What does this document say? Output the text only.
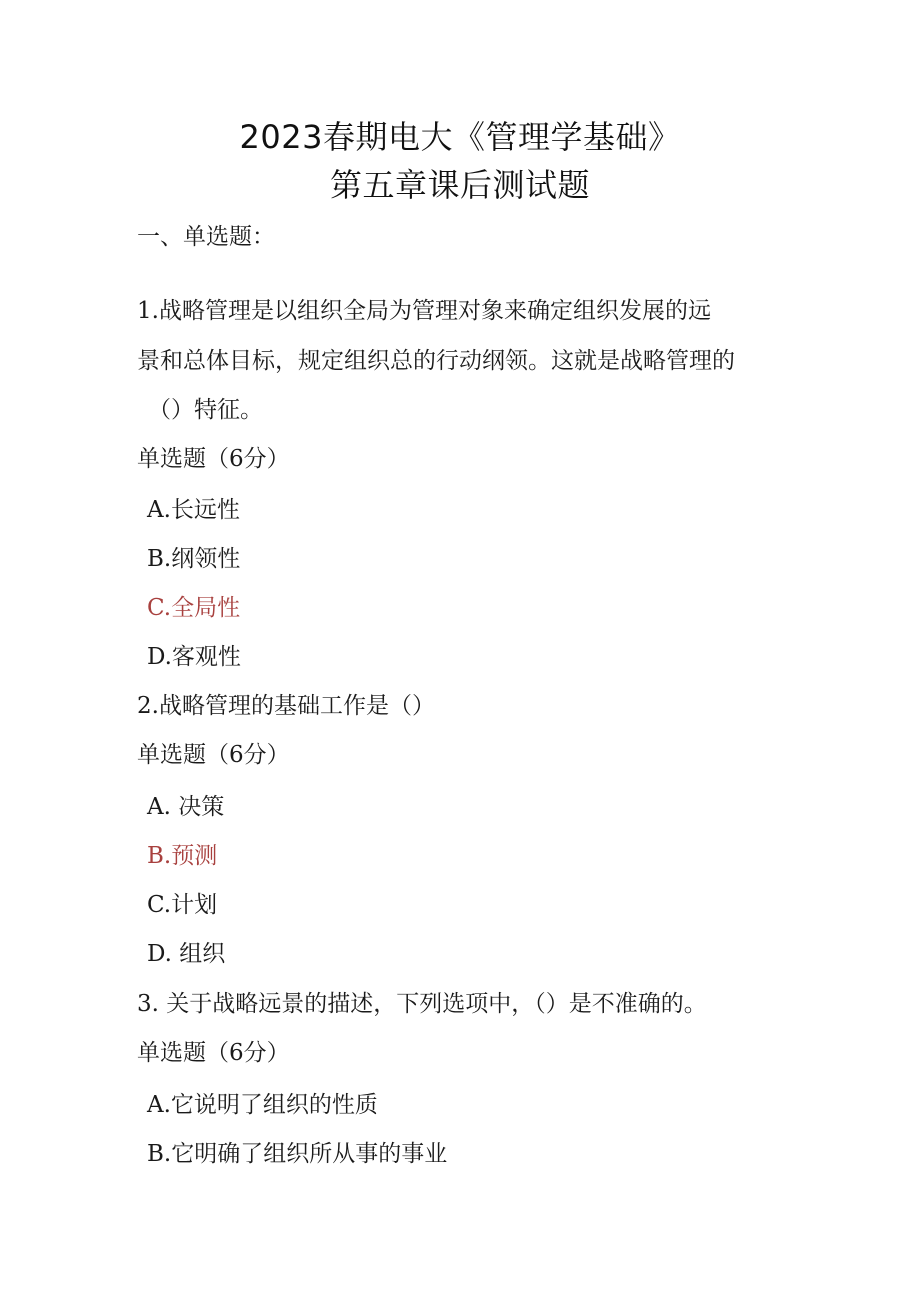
2023春期电大《管理学基础》
第五章课后测试题
一、单选题：
1.战略管理是以组织全局为管理对象来确定组织发展的远
景和总体目标，规定组织总的行动纲领。这就是战略管理的
（）特征。
单选题（6分）
A.长远性
B.纲领性
C.全局性
D.客观性
2.战略管理的基础工作是（）
单选题（6分）
A. 决策
B.预测
C.计划
D. 组织
3. 关于战略远景的描述，下列选项中，（）是不准确的。
单选题（6分）
A.它说明了组织的性质
B.它明确了组织所从事的事业
